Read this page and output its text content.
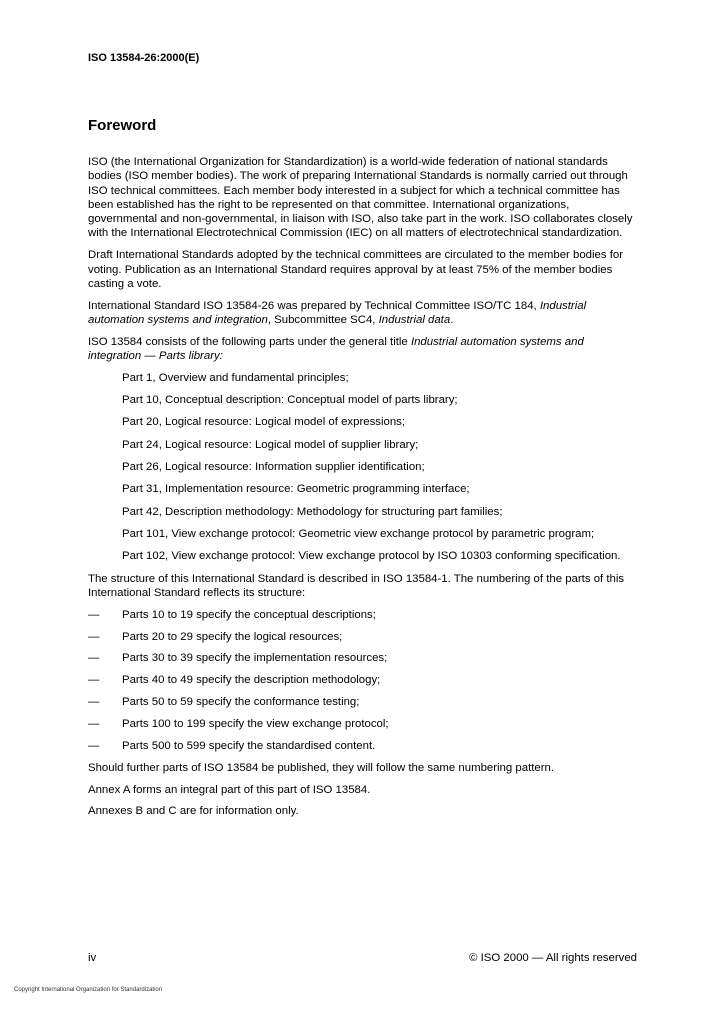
ISO 13584-26:2000(E)
Foreword

ISO (the International Organization for Standardization) is a world-wide federation of national standards bodies (ISO member bodies). The work of preparing International Standards is normally carried out through ISO technical committees. Each member body interested in a subject for which a technical committee has been established has the right to be represented on that committee. International organizations, governmental and non-governmental, in liaison with ISO, also take part in the work. ISO collaborates closely with the International Electrotechnical Commission (IEC) on all matters of electrotechnical standardization.

Draft International Standards adopted by the technical committees are circulated to the member bodies for voting. Publication as an International Standard requires approval by at least 75% of the member bodies casting a vote.

International Standard ISO 13584-26 was prepared by Technical Committee ISO/TC 184, Industrial automation systems and integration, Subcommittee SC4, Industrial data.

ISO 13584 consists of the following parts under the general title Industrial automation systems and integration — Parts library:

Part 1, Overview and fundamental principles;
Part 10, Conceptual description: Conceptual model of parts library;
Part 20, Logical resource: Logical model of expressions;
Part 24, Logical resource: Logical model of supplier library;
Part 26, Logical resource: Information supplier identification;
Part 31, Implementation resource: Geometric programming interface;
Part 42, Description methodology: Methodology for structuring part families;
Part 101, View exchange protocol: Geometric view exchange protocol by parametric program;
Part 102, View exchange protocol: View exchange protocol by ISO 10303 conforming specification.

The structure of this International Standard is described in ISO 13584-1. The numbering of the parts of this International Standard reflects its structure:

—	Parts 10 to 19 specify the conceptual descriptions;
—	Parts 20 to 29 specify the logical resources;
—	Parts 30 to 39 specify the implementation resources;
—	Parts 40 to 49 specify the description methodology;
—	Parts 50 to 59 specify the conformance testing;
—	Parts 100 to 199 specify the view exchange protocol;
—	Parts 500 to 599 specify the standardised content.

Should further parts of ISO 13584 be published, they will follow the same numbering pattern.

Annex A forms an integral part of this part of ISO 13584.

Annexes B and C are for information only.

iv	© ISO 2000 — All rights reserved
Copyright International Organization for Standardization
